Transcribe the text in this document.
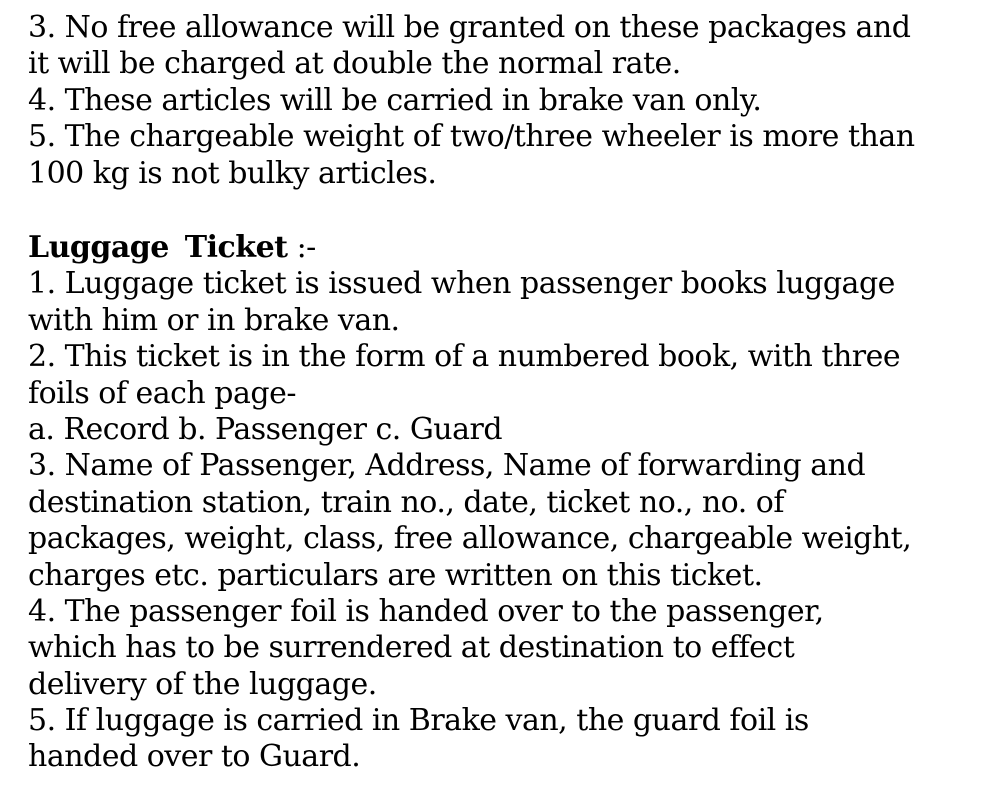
3. No free allowance will be granted on these packages and
it will be charged at double the normal rate.
4. These articles will be carried in brake van only.
5. The chargeable weight of two/three wheeler is more than
100 kg is not bulky articles.
Luggage Ticket :-
1. Luggage ticket is issued when passenger books luggage
with him or in brake van.
2. This ticket is in the form of a numbered book, with three
foils of each page-
a. Record b. Passenger c. Guard
3. Name of Passenger, Address, Name of forwarding and
destination station, train no., date, ticket no., no. of
packages, weight, class, free allowance, chargeable weight,
charges etc. particulars are written on this ticket.
4. The passenger foil is handed over to the passenger,
which has to be surrendered at destination to effect
delivery of the luggage.
5. If luggage is carried in Brake van, the guard foil is
handed over to Guard.
